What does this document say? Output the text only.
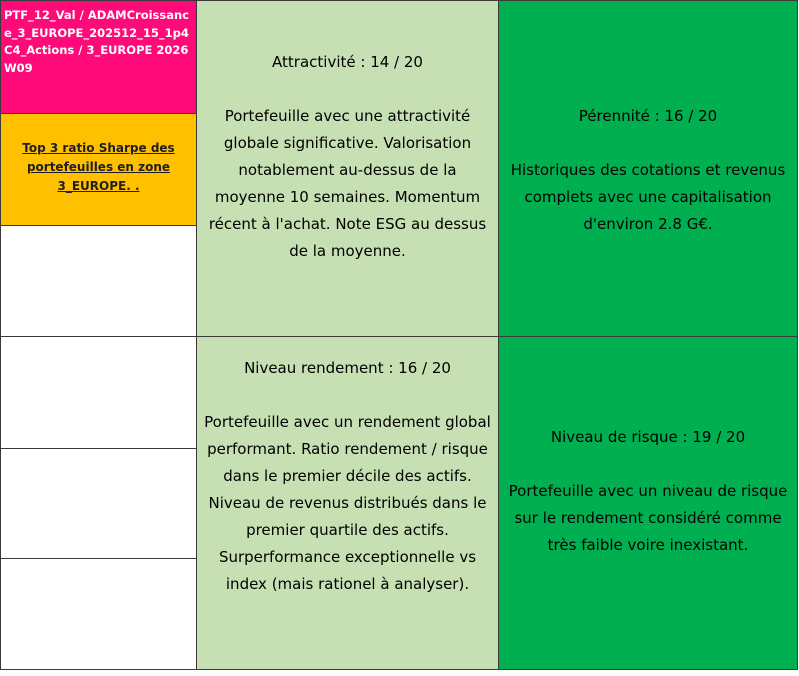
PTF_12_Val / ADAMCroissance_3_EUROPE_202512_15_1p4 C4_Actions / 3_EUROPE 2026W09
Top 3 ratio Sharpe des portefeuilles en zone 3_EUROPE. .

Attractivité : 14 / 20

Portefeuille avec une attractivité globale significative. Valorisation notablement au-dessus de la moyenne 10 semaines. Momentum récent à l'achat. Note ESG au dessus de la moyenne.

Pérennité : 16 / 20

Historiques des cotations et revenus complets avec une capitalisation d'environ 2.8 G€.

Niveau rendement : 16 / 20

Portefeuille avec un rendement global performant. Ratio rendement / risque dans le premier décile des actifs. Niveau de revenus distribués dans le premier quartile des actifs. Surperformance exceptionnelle vs index (mais rationel à analyser).

Niveau de risque : 19 / 20

Portefeuille avec un niveau de risque sur le rendement considéré comme très faible voire inexistant.
